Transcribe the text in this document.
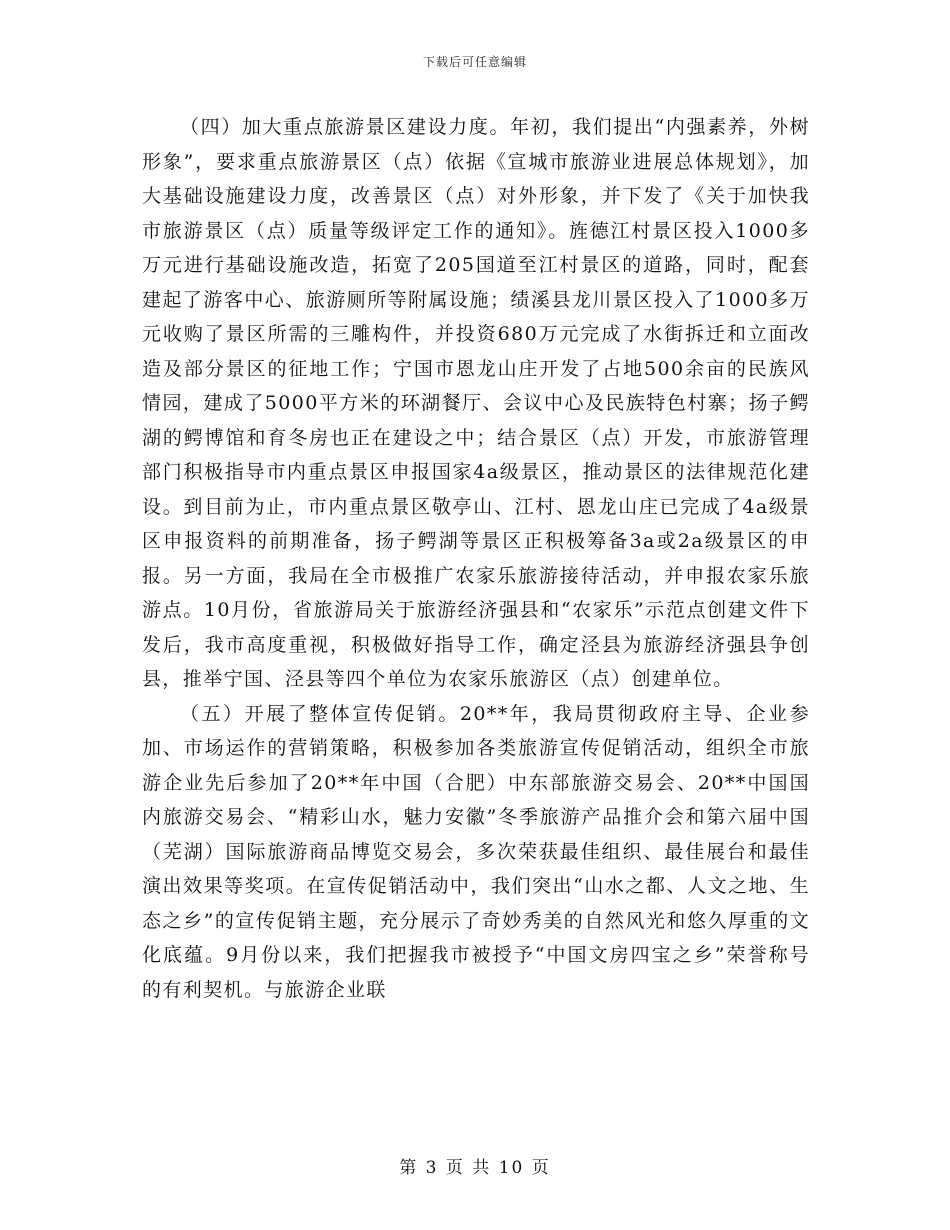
下载后可任意编辑

（四）加大重点旅游景区建设力度。年初，我们提出“内强素养，外树形象”，要求重点旅游景区（点）依据《宣城市旅游业进展总体规划》，加大基础设施建设力度，改善景区（点）对外形象，并下发了《关于加快我市旅游景区（点）质量等级评定工作的通知》。旌德江村景区投入1000多万元进行基础设施改造，拓宽了205国道至江村景区的道路，同时，配套建起了游客中心、旅游厕所等附属设施；绩溪县龙川景区投入了1000多万元收购了景区所需的三雕构件，并投资680万元完成了水街拆迁和立面改造及部分景区的征地工作；宁国市恩龙山庄开发了占地500余亩的民族风情园，建成了5000平方米的环湖餐厅、会议中心及民族特色村寨；扬子鳄湖的鳄博馆和育冬房也正在建设之中；结合景区（点）开发，市旅游管理部门积极指导市内重点景区申报国家4a级景区，推动景区的法律规范化建设。到目前为止，市内重点景区敬亭山、江村、恩龙山庄已完成了4a级景区申报资料的前期准备，扬子鳄湖等景区正积极筹备3a或2a级景区的申报。另一方面，我局在全市极推广农家乐旅游接待活动，并申报农家乐旅游点。10月份，省旅游局关于旅游经济强县和“农家乐”示范点创建文件下发后，我市高度重视，积极做好指导工作，确定泾县为旅游经济强县争创县，推举宁国、泾县等四个单位为农家乐旅游区（点）创建单位。

（五）开展了整体宣传促销。20**年，我局贯彻政府主导、企业参加、市场运作的营销策略，积极参加各类旅游宣传促销活动，组织全市旅游企业先后参加了20**年中国（合肥）中东部旅游交易会、20**中国国内旅游交易会、“精彩山水，魅力安徽”冬季旅游产品推介会和第六届中国（芜湖）国际旅游商品博览交易会，多次荣获最佳组织、最佳展台和最佳演出效果等奖项。在宣传促销活动中，我们突出“山水之都、人文之地、生态之乡”的宣传促销主题，充分展示了奇妙秀美的自然风光和悠久厚重的文化底蕴。9月份以来，我们把握我市被授予“中国文房四宝之乡”荣誉称号的有利契机。与旅游企业联

第 3 页 共 10 页
